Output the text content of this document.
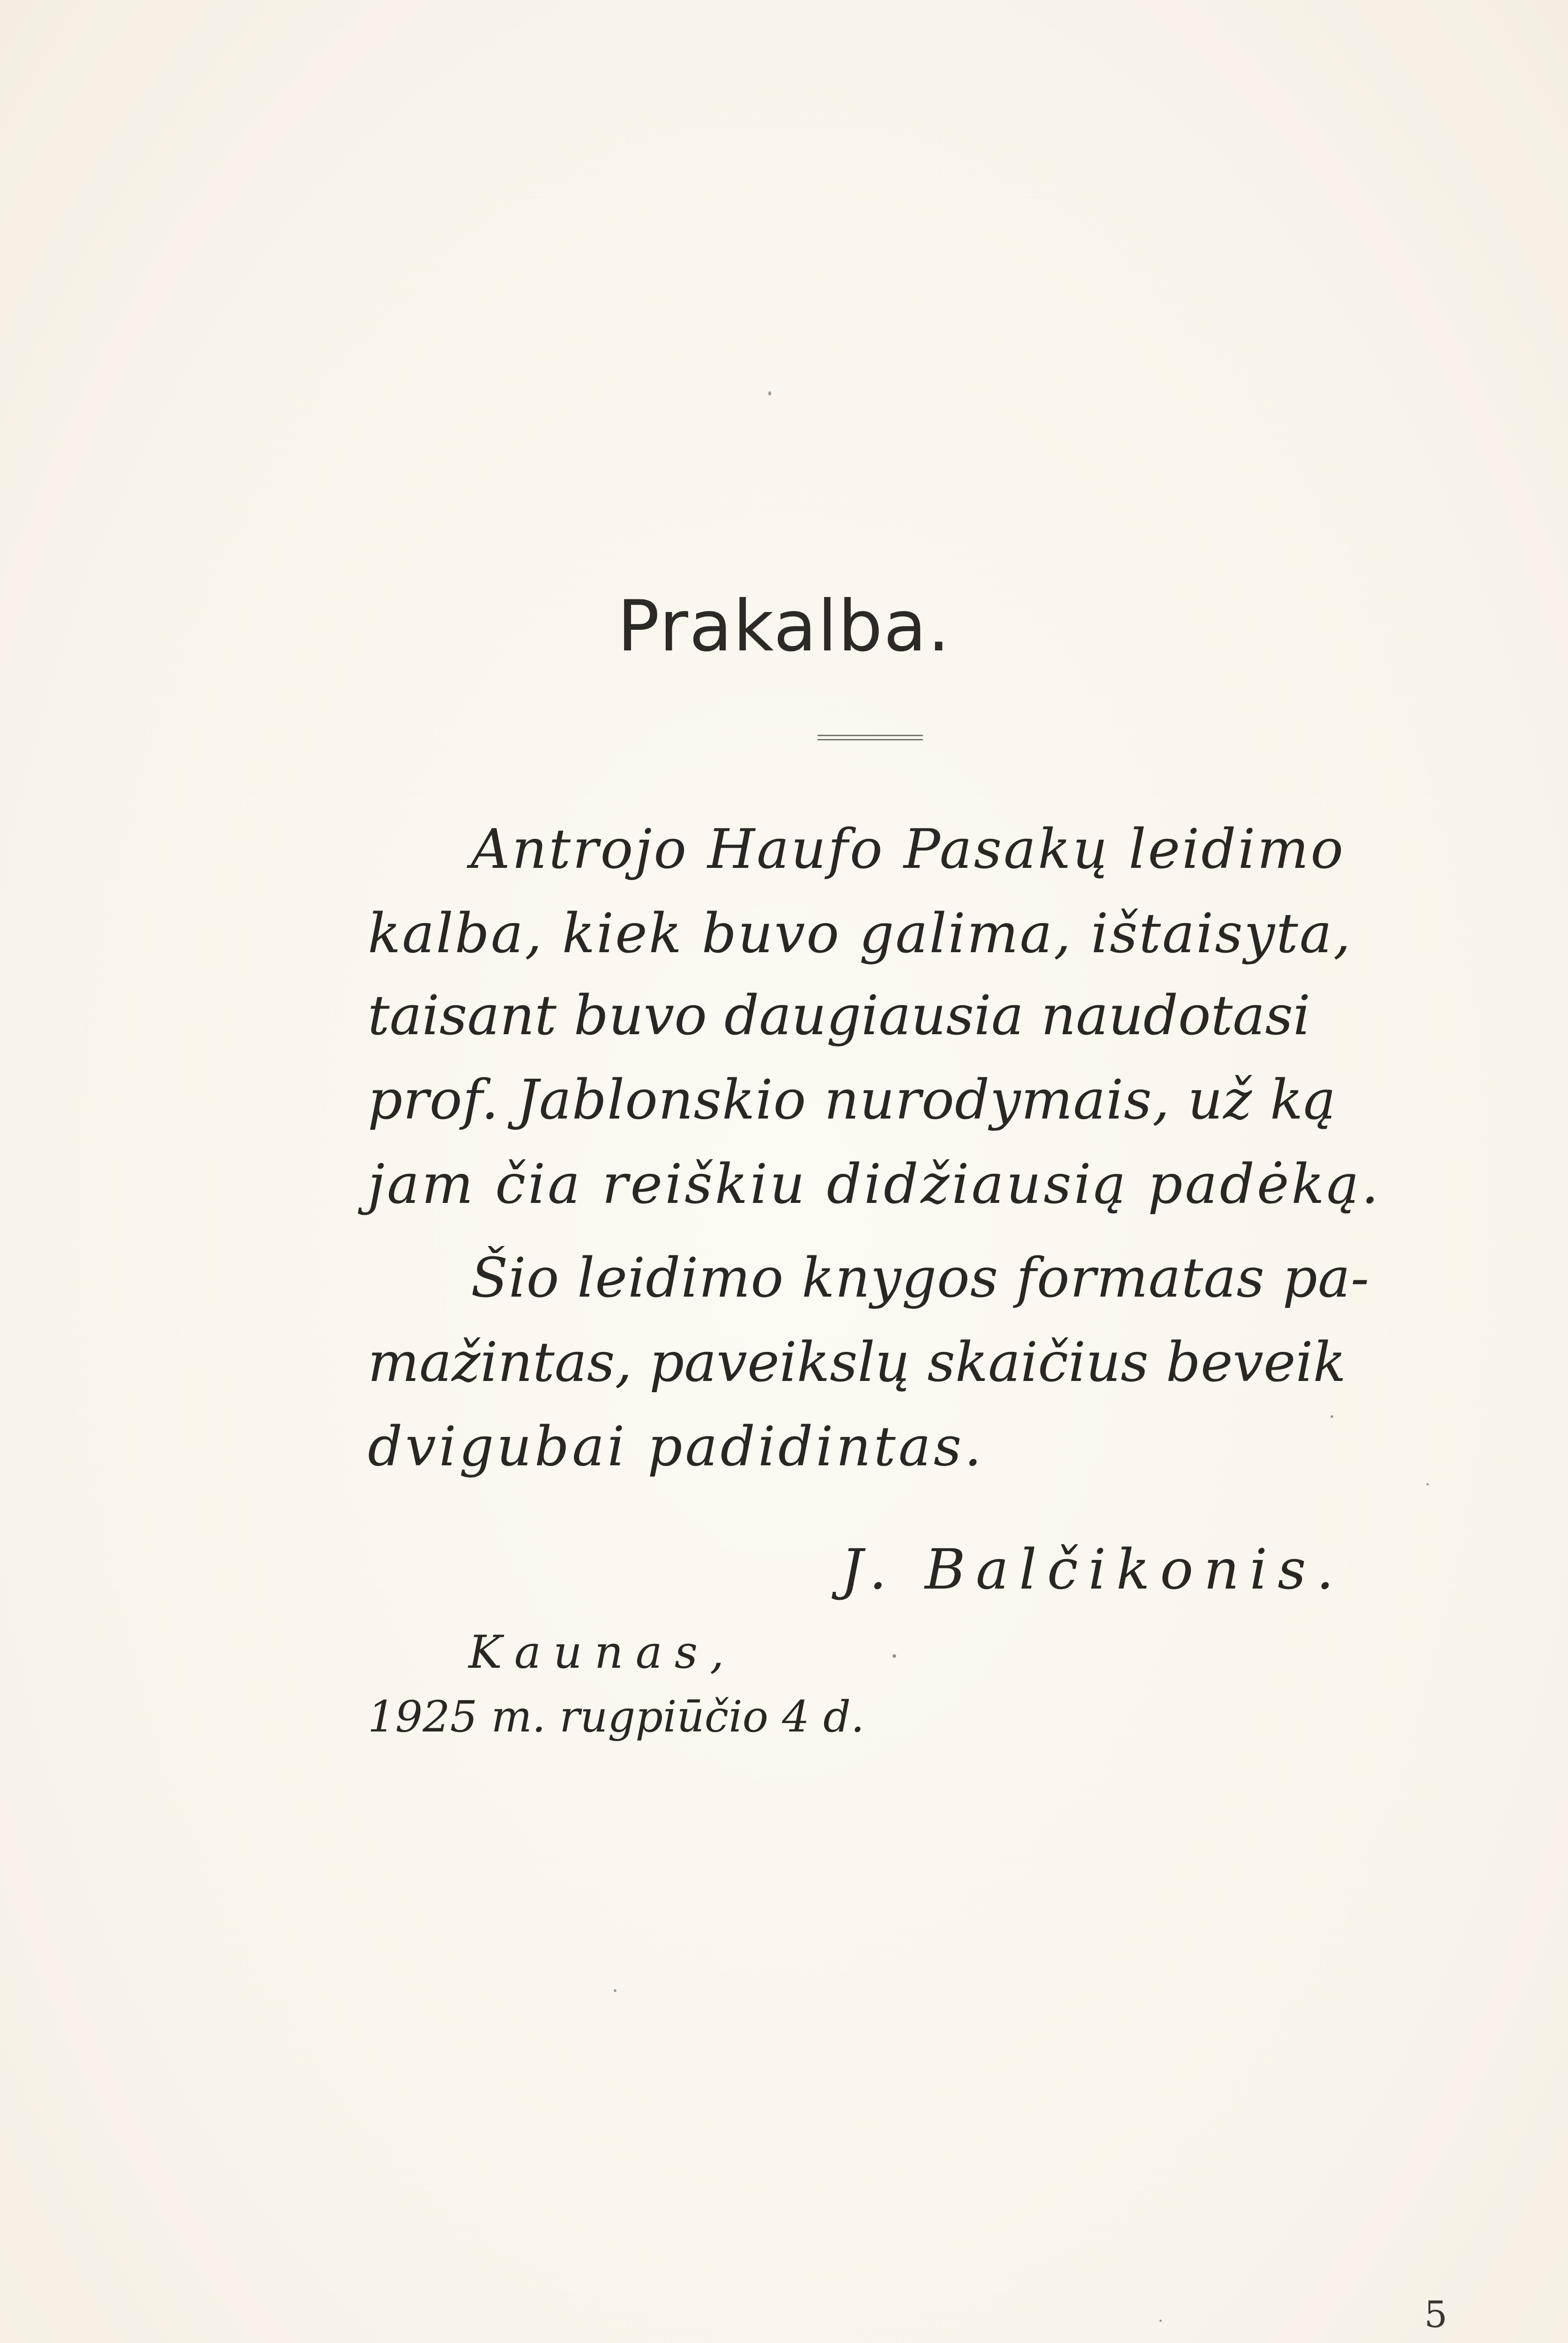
Prakalba.
Antrojo Haufo Pasakų leidimo
kalba, kiek buvo galima, ištaisyta,
taisant buvo daugiausia naudotasi
prof. Jablonskio nurodymais, už ką
jam čia reiškiu didžiausią padėką.
Šio leidimo knygos formatas pa-
mažintas, paveikslų skaičius beveik
dvigubai padidintas.
J. Balčikonis.
Kaunas,
1925 m. rugpiūčio 4 d.
5
